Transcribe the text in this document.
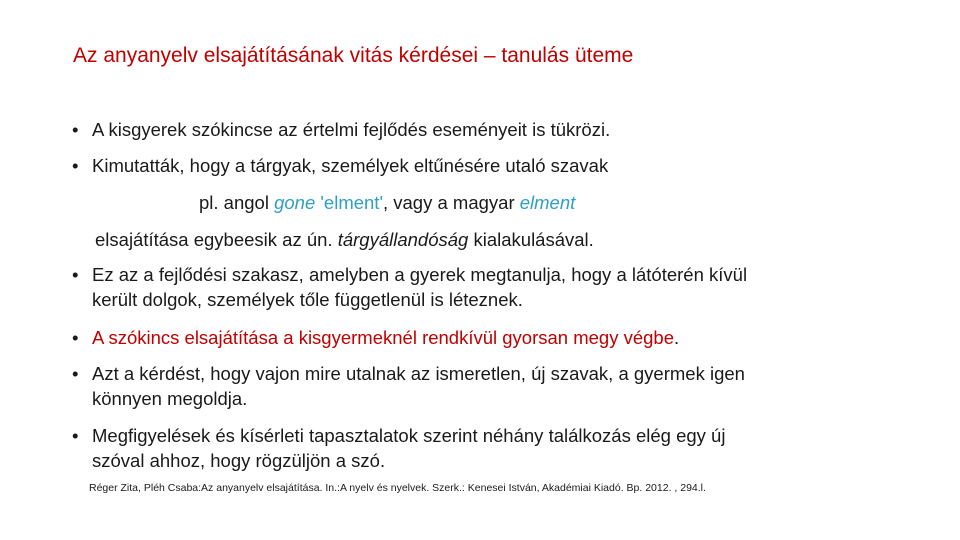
Az anyanyelv elsajátításának vitás kérdései – tanulás üteme
• A kisgyerek szókincse az értelmi fejlődés eseményeit is tükrözi.
• Kimutatták, hogy a tárgyak, személyek eltűnésére utaló szavak
pl. angol gone 'elment', vagy a magyar elment
elsajátítása egybeesik az ún. tárgyállandóság kialakulásával.
• Ez az a fejlődési szakasz, amelyben a gyerek megtanulja, hogy a látóterén kívül
került dolgok, személyek tőle függetlenül is léteznek.
• A szókincs elsajátítása a kisgyermeknél rendkívül gyorsan megy végbe.
• Azt a kérdést, hogy vajon mire utalnak az ismeretlen, új szavak, a gyermek igen
könnyen megoldja.
• Megfigyelések és kísérleti tapasztalatok szerint néhány találkozás elég egy új
szóval ahhoz, hogy rögzüljön a szó.
Réger Zita, Pléh Csaba:Az anyanyelv elsajátítása. In.:A nyelv és nyelvek. Szerk.: Kenesei István, Akadémiai Kiadó. Bp. 2012. , 294.l.
